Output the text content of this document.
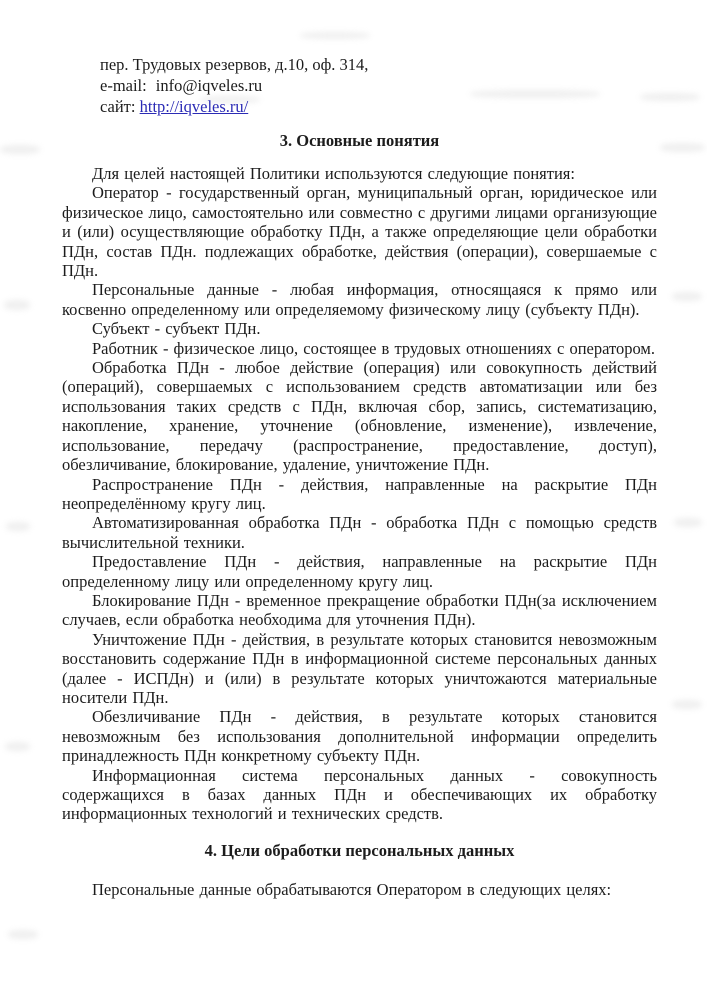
пер. Трудовых резервов, д.10, оф. 314,
e-mail: info@iqveles.ru
сайт: http://iqveles.ru/
3. Основные понятия

Для целей настоящей Политики используются следующие понятия:

Оператор - государственный орган, муниципальный орган, юридическое или физическое лицо, самостоятельно или совместно с другими лицами организующие и (или) осуществляющие обработку ПДн, а также определяющие цели обработки ПДн, состав ПДн. подлежащих обработке, действия (операции), совершаемые с ПДн.

Персональные данные - любая информация, относящаяся к прямо или косвенно определенному или определяемому физическому лицу (субъекту ПДн).

Субъект - субъект ПДн.

Работник - физическое лицо, состоящее в трудовых отношениях с оператором.

Обработка ПДн - любое действие (операция) или совокупность действий (операций), совершаемых с использованием средств автоматизации или без использования таких средств с ПДн, включая сбор, запись, систематизацию, накопление, хранение, уточнение (обновление, изменение), извлечение, использование, передачу (распространение, предоставление, доступ), обезличивание, блокирование, удаление, уничтожение ПДн.

Распространение ПДн - действия, направленные на раскрытие ПДн неопределённому кругу лиц.

Автоматизированная обработка ПДн - обработка ПДн с помощью средств вычислительной техники.

Предоставление ПДн - действия, направленные на раскрытие ПДн определенному лицу или определенному кругу лиц.

Блокирование ПДн - временное прекращение обработки ПДн(за исключением случаев, если обработка необходима для уточнения ПДн).

Уничтожение ПДн - действия, в результате которых становится невозможным восстановить содержание ПДн в информационной системе персональных данных (далее - ИСПДн) и (или) в результате которых уничтожаются материальные носители ПДн.

Обезличивание ПДн - действия, в результате которых становится невозможным без использования дополнительной информации определить принадлежность ПДн конкретному субъекту ПДн.

Информационная система персональных данных - совокупность содержащихся в базах данных ПДн и обеспечивающих их обработку информационных технологий и технических средств.

4. Цели обработки персональных данных

Персональные данные обрабатываются Оператором в следующих целях:
